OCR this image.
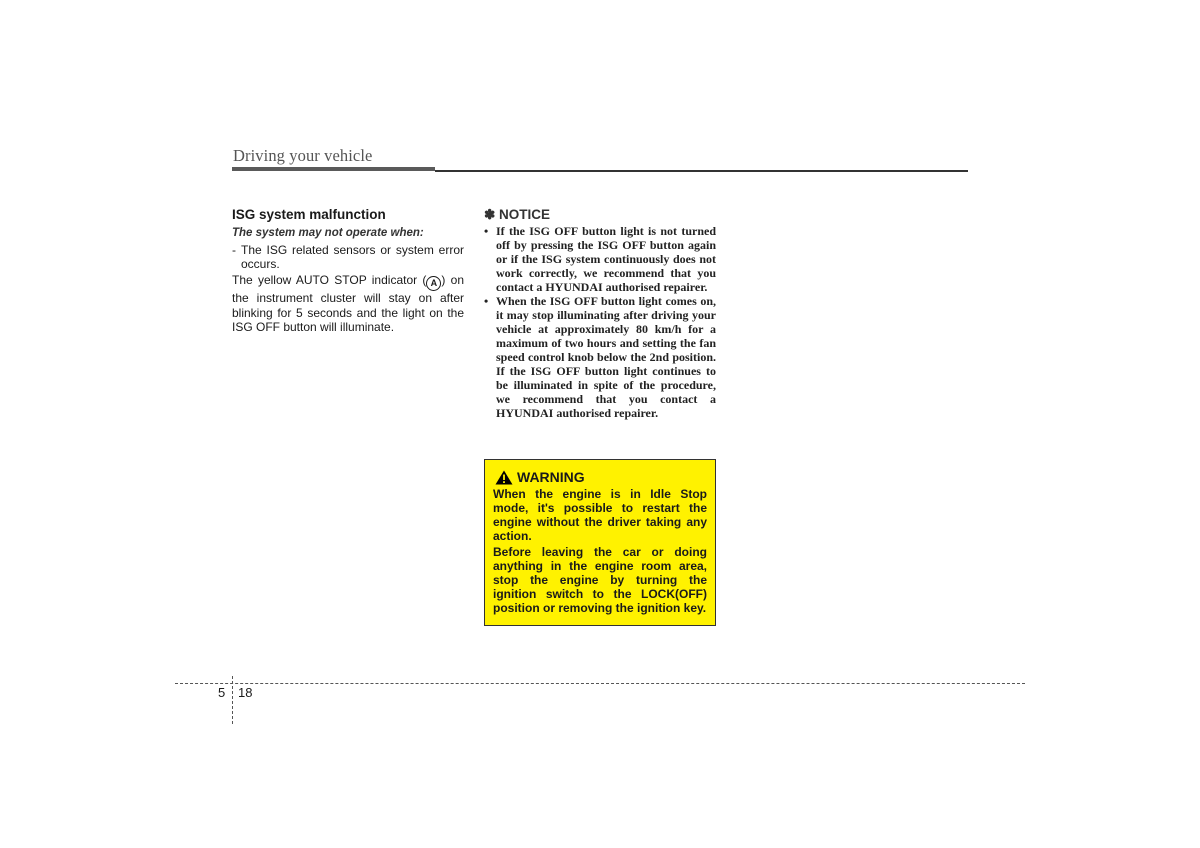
Driving your vehicle
ISG system malfunction
The system may not operate when:
- The ISG related sensors or system error occurs.

The yellow AUTO STOP indicator ( A ) on the instrument cluster will stay on after blinking for 5 seconds and the light on the ISG OFF button will illuminate.

✽ NOTICE
• If the ISG OFF button light is not turned off by pressing the ISG OFF button again or if the ISG system continuously does not work correctly, we recommend that you contact a HYUNDAI authorised repairer.
• When the ISG OFF button light comes on, it may stop illuminating after driving your vehicle at approximately 80 km/h for a maximum of two hours and setting the fan speed control knob below the 2nd position. If the ISG OFF button light continues to be illuminated in spite of the procedure, we recommend that you contact a HYUNDAI authorised repairer.
WARNING

When the engine is in Idle Stop mode, it's possible to restart the engine without the driver taking any action.

Before leaving the car or doing anything in the engine room area, stop the engine by turning the ignition switch to the LOCK(OFF) position or removing the ignition key.

5 18
